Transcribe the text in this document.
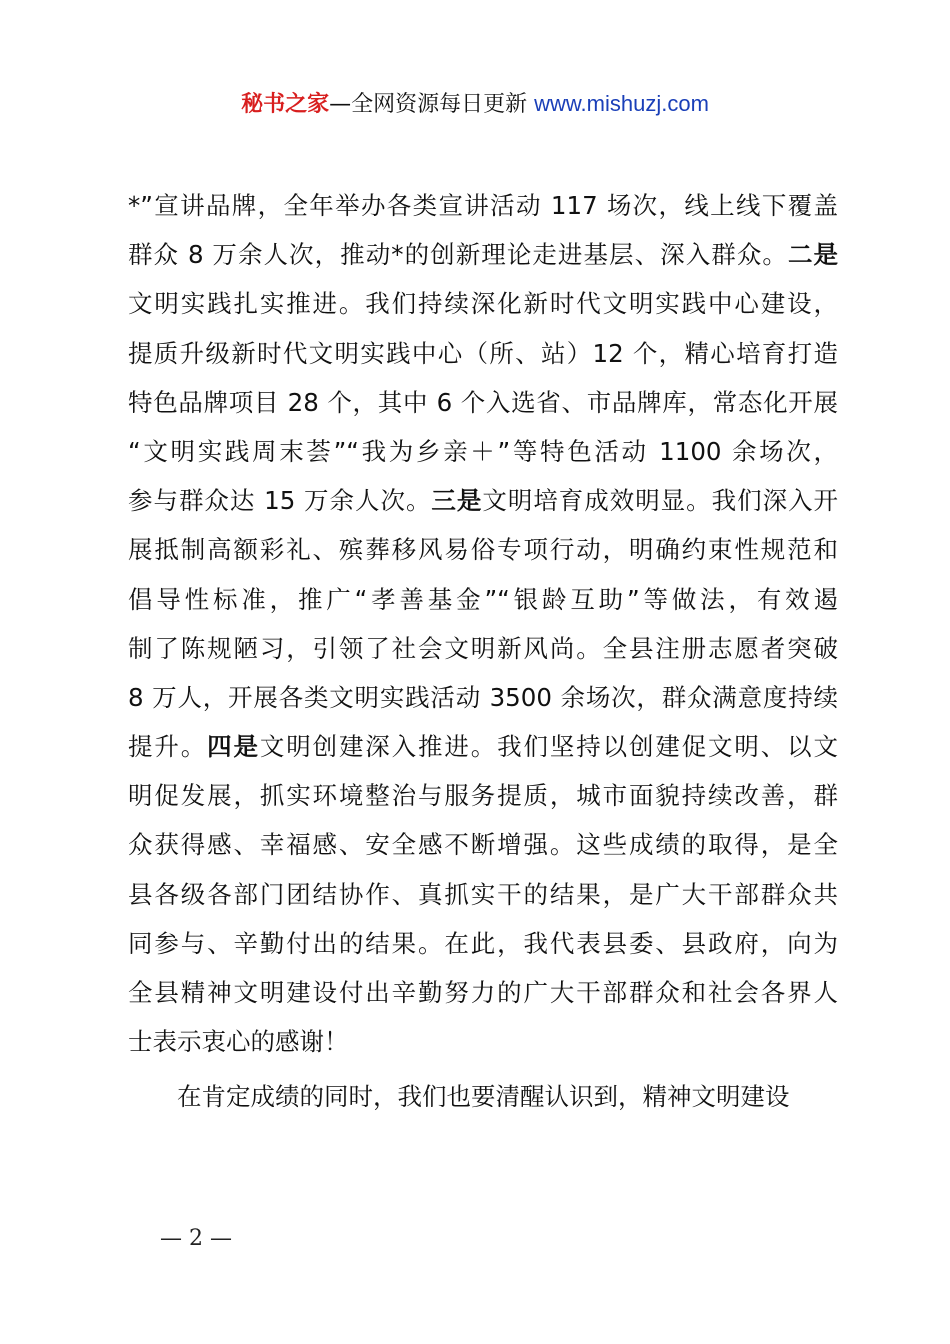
秘书之家—全网资源每日更新 www.mishuzj.com
*”宣讲品牌，全年举办各类宣讲活动 117 场次，线上线下覆盖
群众 8 万余人次，推动*的创新理论走进基层、深入群众。二是
文明实践扎实推进。我们持续深化新时代文明实践中心建设，
提质升级新时代文明实践中心（所、站）12 个，精心培育打造
特色品牌项目 28 个，其中 6 个入选省、市品牌库，常态化开展
“文明实践周末荟”“我为乡亲＋”等特色活动 1100 余场次，
参与群众达 15 万余人次。三是文明培育成效明显。我们深入开
展抵制高额彩礼、殡葬移风易俗专项行动，明确约束性规范和
倡导性标准，推广“孝善基金”“银龄互助”等做法，有效遏
制了陈规陋习，引领了社会文明新风尚。全县注册志愿者突破
8 万人，开展各类文明实践活动 3500 余场次，群众满意度持续
提升。四是文明创建深入推进。我们坚持以创建促文明、以文
明促发展，抓实环境整治与服务提质，城市面貌持续改善，群
众获得感、幸福感、安全感不断增强。这些成绩的取得，是全
县各级各部门团结协作、真抓实干的结果，是广大干部群众共
同参与、辛勤付出的结果。在此，我代表县委、县政府，向为
全县精神文明建设付出辛勤努力的广大干部群众和社会各界人
士表示衷心的感谢！
在肯定成绩的同时，我们也要清醒认识到，精神文明建设
— 2 —
